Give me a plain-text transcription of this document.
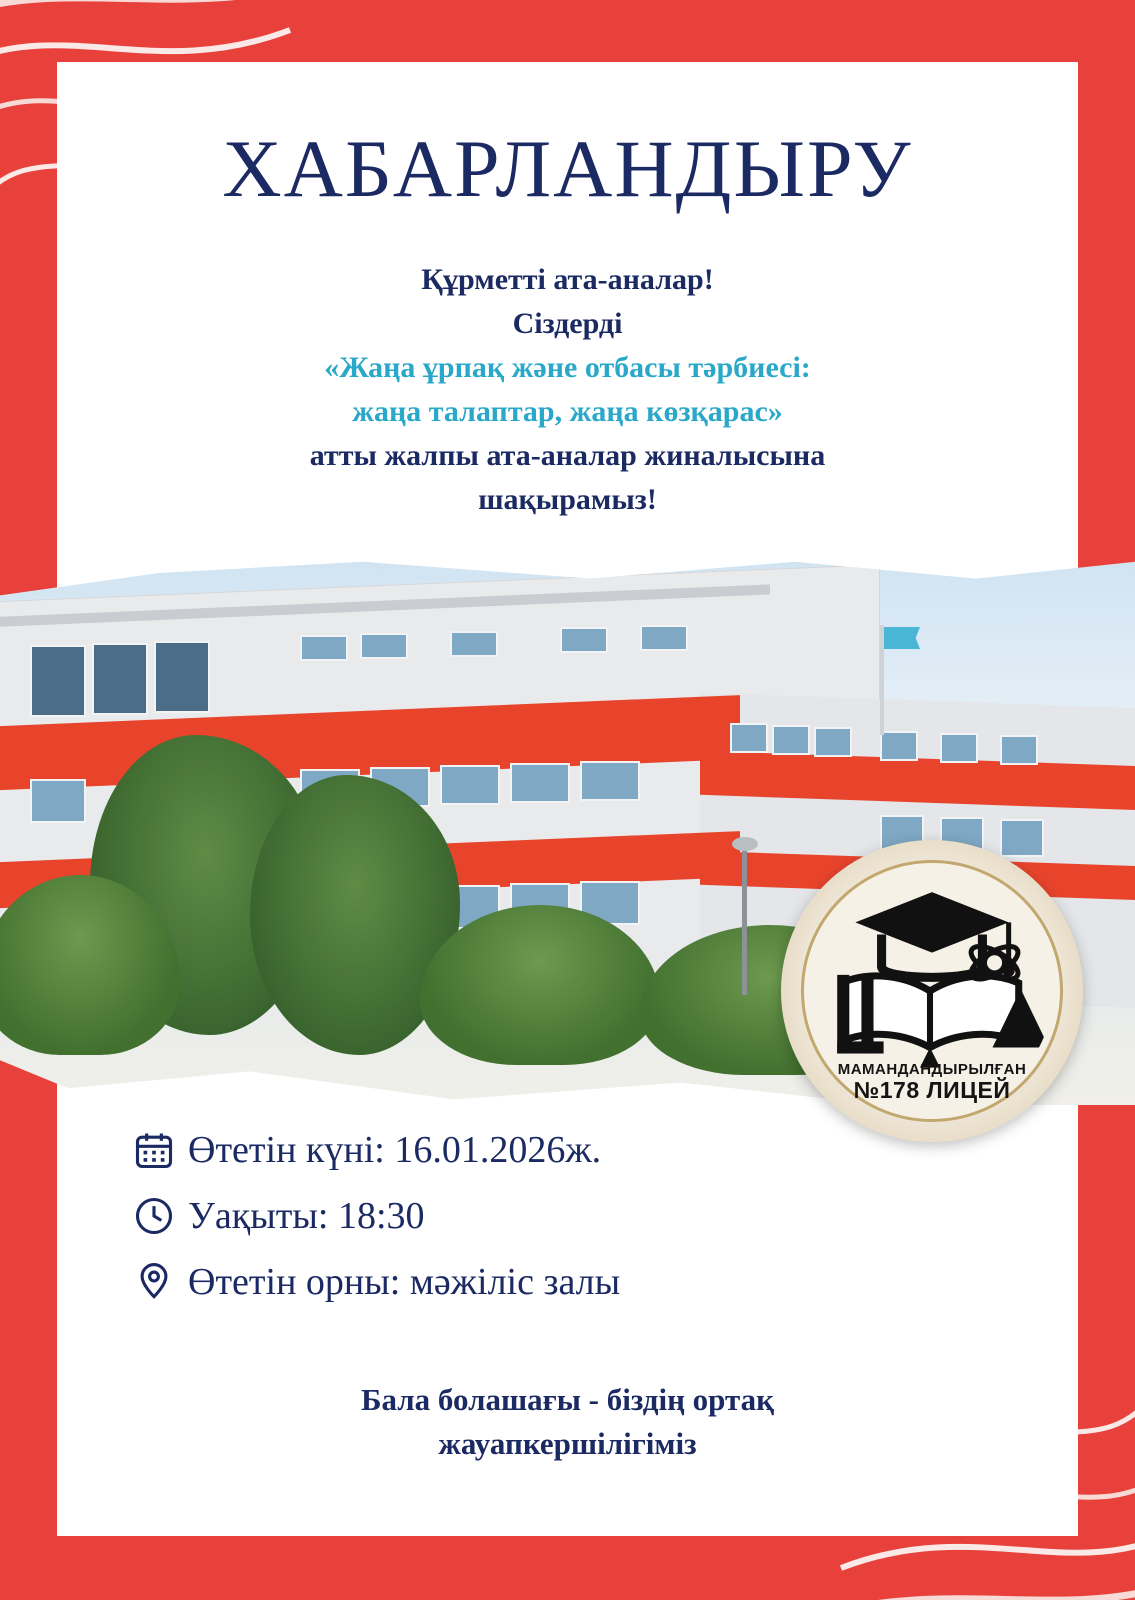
ХАБАРЛАНДЫРУ
Құрметті ата-аналар!
Сіздерді
«Жаңа ұрпақ және отбасы тәрбиесі:
жаңа талаптар, жаңа көзқарас»
атты жалпы ата-аналар жиналысына
шақырамыз!
МАМАНДАНДЫРЫЛҒАН
№178 ЛИЦЕЙ
Өтетін күні: 16.01.2026ж.
Уақыты: 18:30
Өтетін орны: мәжіліс залы
Бала болашағы - біздің ортақ
жауапкершілігіміз
